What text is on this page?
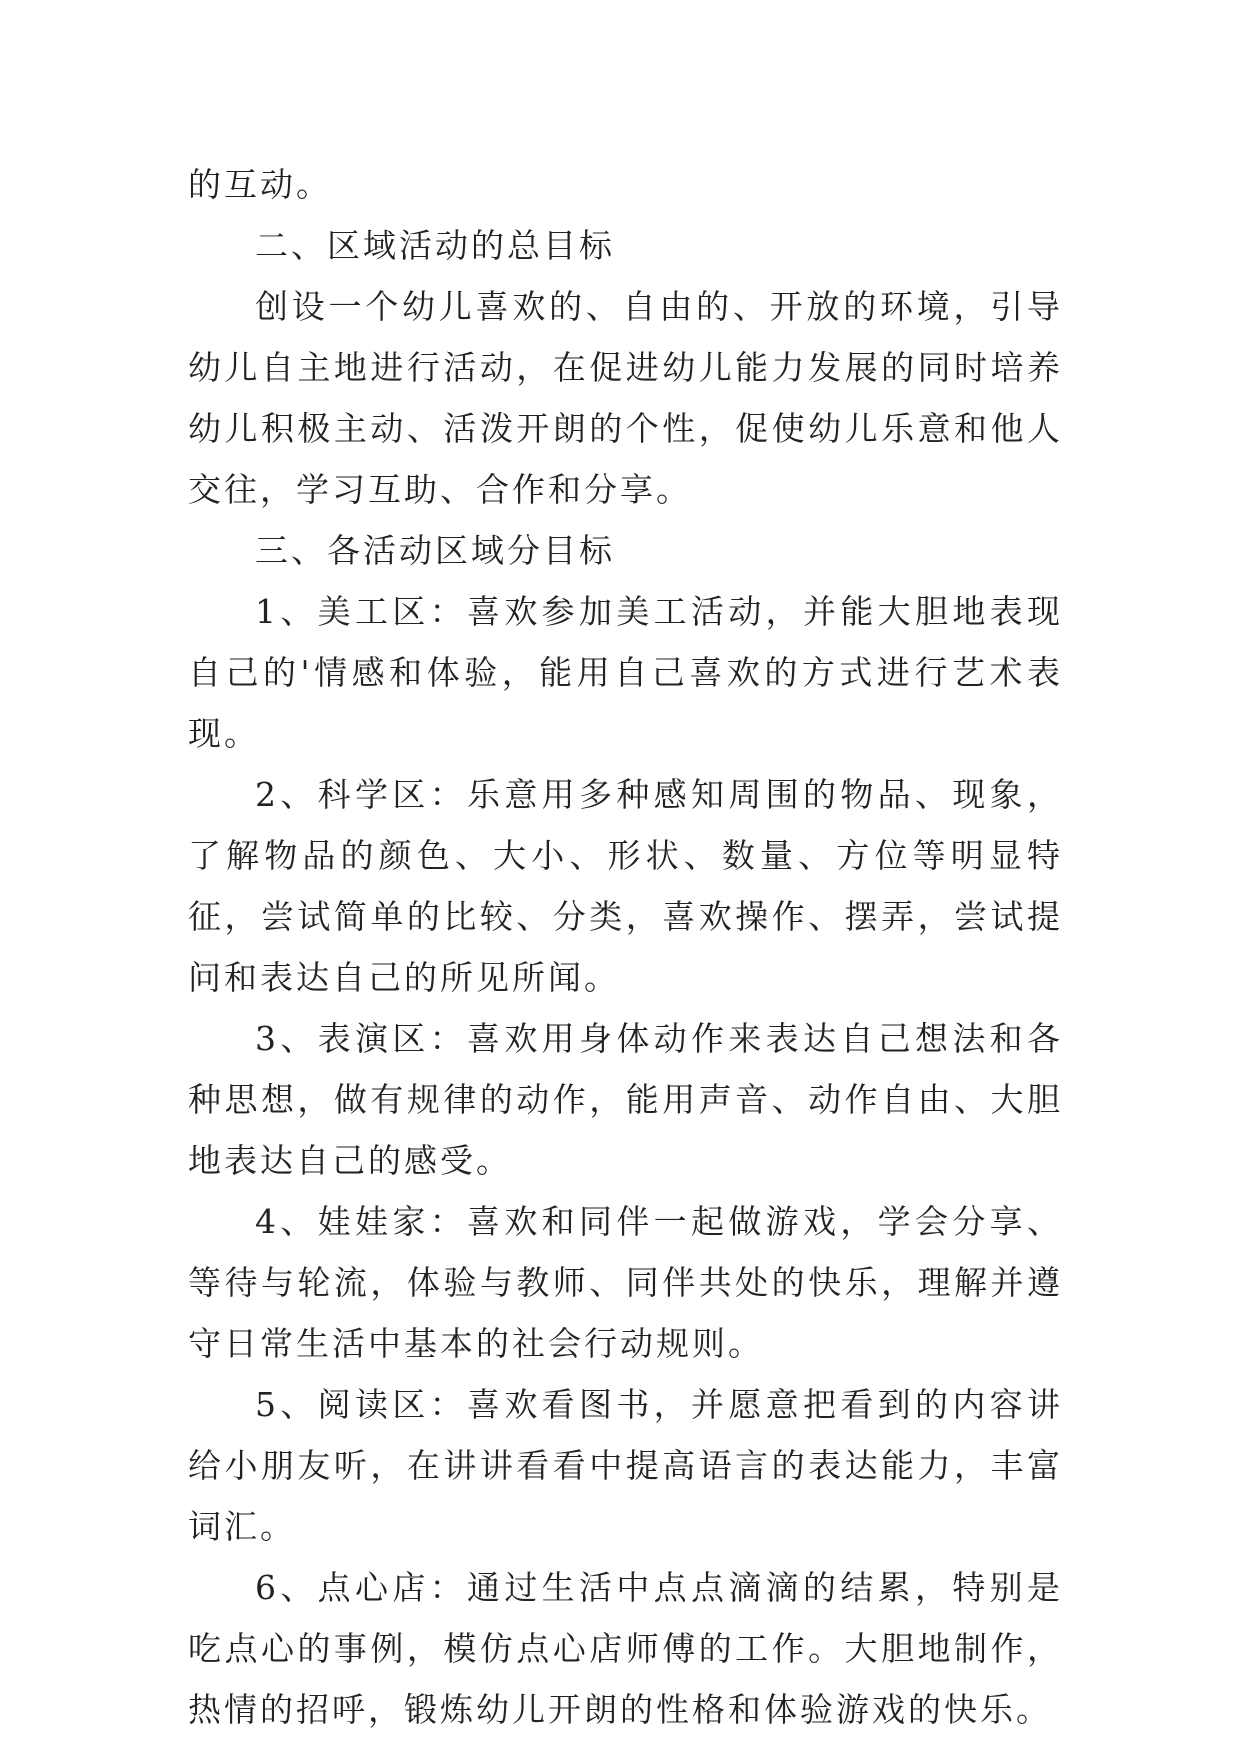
的互动。

二、区域活动的总目标

创设一个幼儿喜欢的、自由的、开放的环境，引导幼儿自主地进行活动，在促进幼儿能力发展的同时培养幼儿积极主动、活泼开朗的个性，促使幼儿乐意和他人交往，学习互助、合作和分享。

三、各活动区域分目标

1、美工区：喜欢参加美工活动，并能大胆地表现自己的'情感和体验，能用自己喜欢的方式进行艺术表现。

2、科学区：乐意用多种感知周围的物品、现象，了解物品的颜色、大小、形状、数量、方位等明显特征，尝试简单的比较、分类，喜欢操作、摆弄，尝试提问和表达自己的所见所闻。

3、表演区：喜欢用身体动作来表达自己想法和各种思想，做有规律的动作，能用声音、动作自由、大胆地表达自己的感受。

4、娃娃家：喜欢和同伴一起做游戏，学会分享、等待与轮流，体验与教师、同伴共处的快乐，理解并遵守日常生活中基本的社会行动规则。

5、阅读区：喜欢看图书，并愿意把看到的内容讲给小朋友听，在讲讲看看中提高语言的表达能力，丰富词汇。

6、点心店：通过生活中点点滴滴的结累，特别是吃点心的事例，模仿点心店师傅的工作。大胆地制作，热情的招呼，锻炼幼儿开朗的性格和体验游戏的快乐。
